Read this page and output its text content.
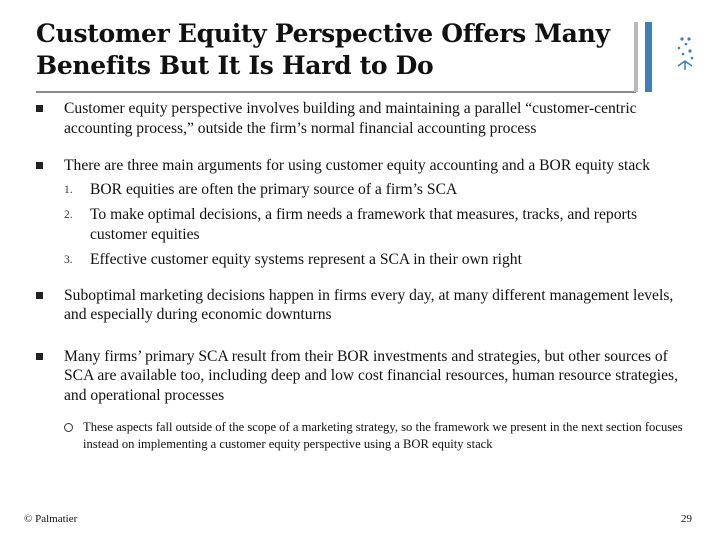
Customer Equity Perspective Offers Many Benefits But It Is Hard to Do
Customer equity perspective involves building and maintaining a parallel “customer-centric accounting process,” outside the firm’s normal financial accounting process
There are three main arguments for using customer equity accounting and a BOR equity stack
1. BOR equities are often the primary source of a firm’s SCA
2. To make optimal decisions, a firm needs a framework that measures, tracks, and reports customer equities
3. Effective customer equity systems represent a SCA in their own right
Suboptimal marketing decisions happen in firms every day, at many different management levels, and especially during economic downturns
Many firms’ primary SCA result from their BOR investments and strategies, but other sources of SCA are available too, including deep and low cost financial resources, human resource strategies, and operational processes
These aspects fall outside of the scope of a marketing strategy, so the framework we present in the next section focuses instead on implementing a customer equity perspective using a BOR equity stack
© Palmatier	29
